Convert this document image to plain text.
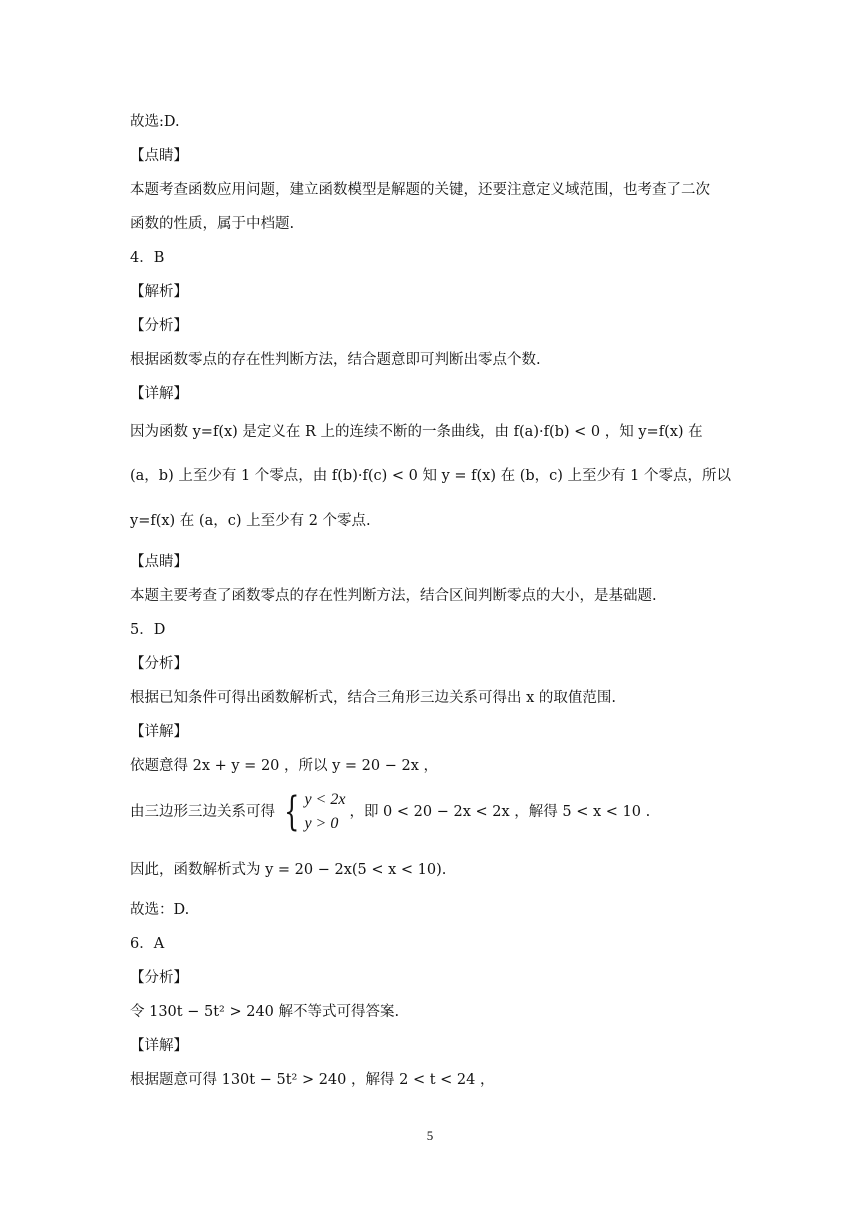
故选:D.
【点睛】
本题考查函数应用问题，建立函数模型是解题的关键，还要注意定义域范围，也考查了二次
函数的性质，属于中档题.
4．B
【解析】
【分析】
根据函数零点的存在性判断方法，结合题意即可判断出零点个数.
【详解】
因为函数 y=f(x) 是定义在 R 上的连续不断的一条曲线，由 f(a)·f(b) < 0 ，知 y=f(x) 在
(a，b) 上至少有 1 个零点，由 f(b)·f(c) < 0 知 y = f(x) 在 (b，c) 上至少有 1 个零点，所以
y=f(x) 在 (a，c) 上至少有 2 个零点.
【点睛】
本题主要考查了函数零点的存在性判断方法，结合区间判断零点的大小，是基础题.
5．D
【分析】
根据已知条件可得出函数解析式，结合三角形三边关系可得出 x 的取值范围.
【详解】
依题意得 2x + y = 20 ，所以 y = 20 − 2x ，
由三边形三边关系可得 { y < 2x
y > 0
，即 0 < 20 − 2x < 2x ，解得 5 < x < 10 .
因此，函数解析式为 y = 20 − 2x(5 < x < 10).
故选：D.
6．A
【分析】
令 130t − 5t² > 240 解不等式可得答案.
【详解】
根据题意可得 130t − 5t² > 240 ，解得 2 < t < 24 ，
5
